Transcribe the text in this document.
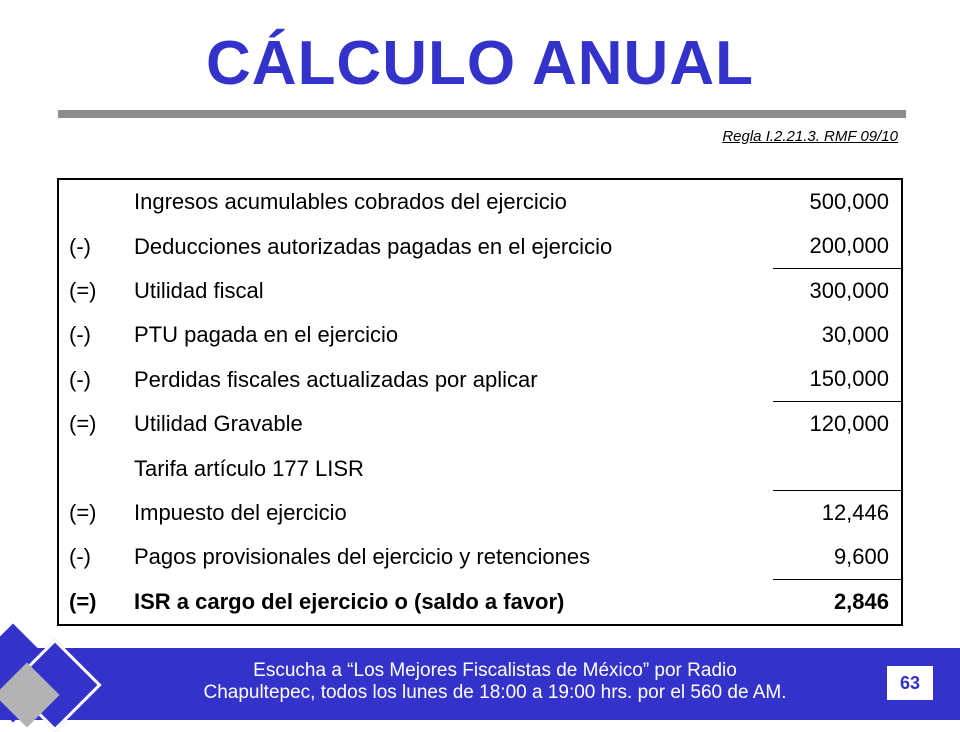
CÁLCULO ANUAL
Regla I.2.21.3. RMF 09/10
Ingresos acumulables cobrados del ejercicio	500,000
(-)	Deducciones autorizadas pagadas en el ejercicio	200,000
(=)	Utilidad fiscal	300,000
(-)	PTU pagada en el ejercicio	30,000
(-)	Perdidas fiscales actualizadas por aplicar	150,000
(=)	Utilidad Gravable	120,000
Tarifa artículo 177 LISR
(=)	Impuesto del ejercicio	12,446
(-)	Pagos provisionales del ejercicio y retenciones	9,600
(=)	ISR a cargo del ejercicio o (saldo a favor)	2,846
Escucha a “Los Mejores Fiscalistas de México” por Radio
Chapultepec, todos los lunes de 18:00 a 19:00 hrs. por el 560 de AM.	63
